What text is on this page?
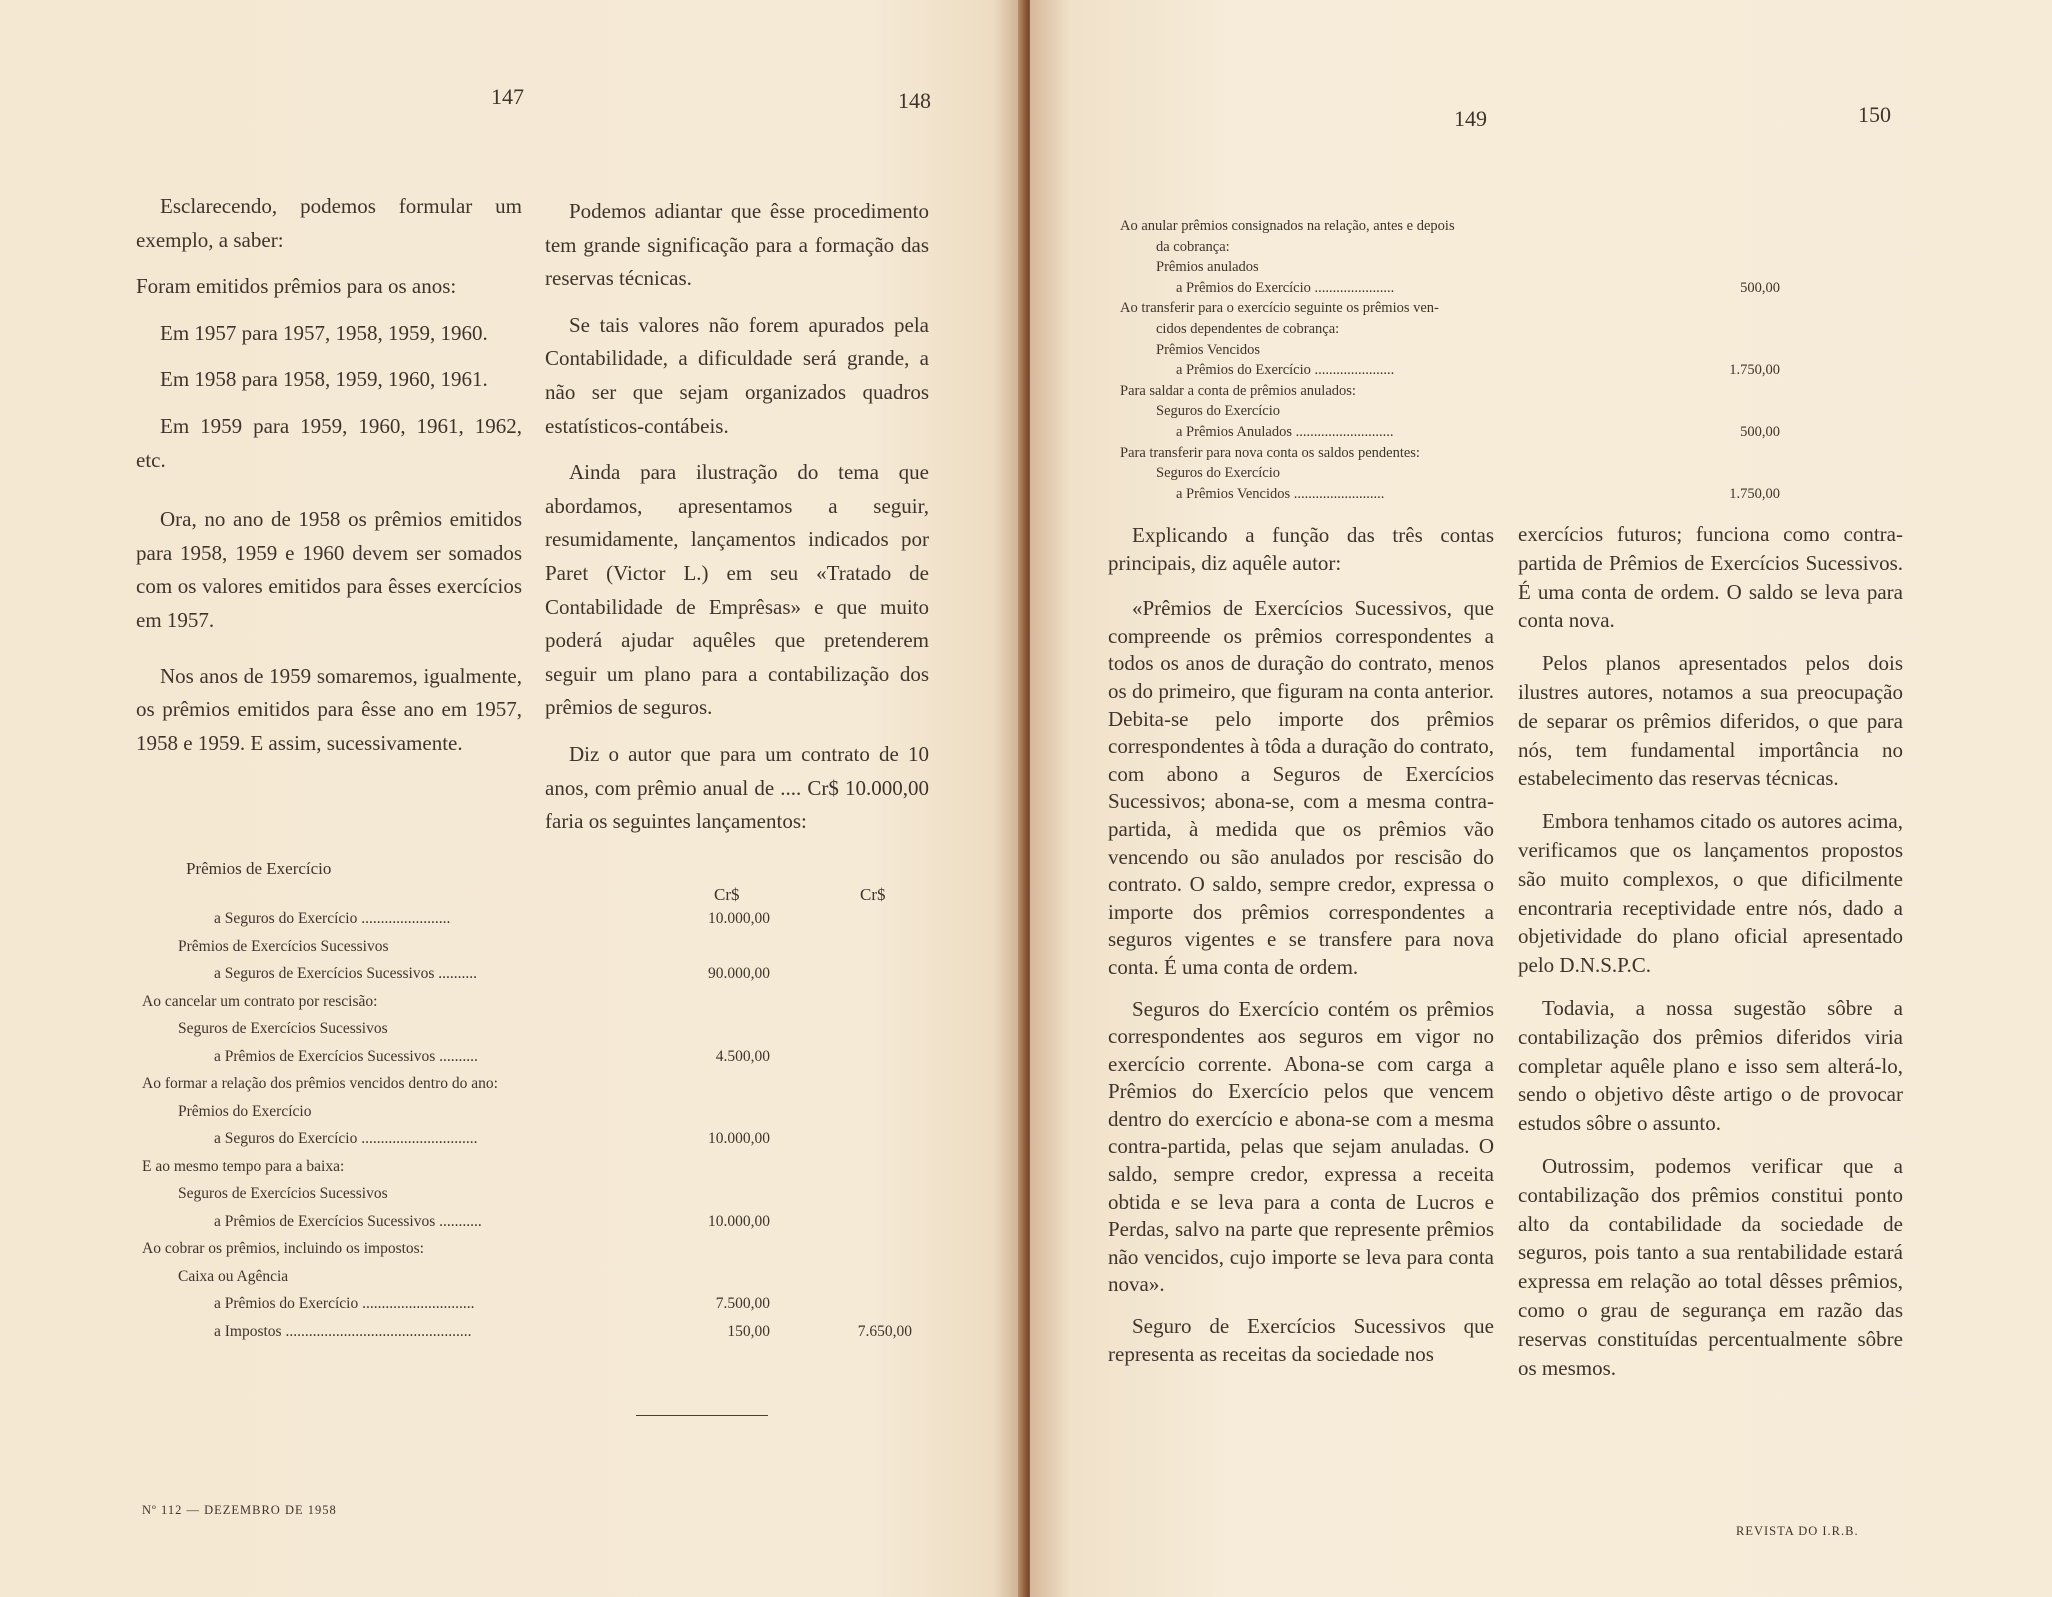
147	148

Esclarecendo, podemos formular um exemplo, a saber:

Foram emitidos prêmios para os anos:

Em 1957 para 1957, 1958, 1959, 1960.

Em 1958 para 1958, 1959, 1960, 1961.

Em 1959 para 1959, 1960, 1961, 1962, etc.

Ora, no ano de 1958 os prêmios emitidos para 1958, 1959 e 1960 devem ser somados com os valores emitidos para êsses exercícios em 1957.

Nos anos de 1959 somaremos, igualmente, os prêmios emitidos para êsse ano em 1957, 1958 e 1959. E assim, sucessivamente.

Podemos adiantar que êsse procedimento tem grande significação para a formação das reservas técnicas.

Se tais valores não forem apurados pela Contabilidade, a dificuldade será grande, a não ser que sejam organizados quadros estatísticos-contábeis.

Ainda para ilustração do tema que abordamos, apresentamos a seguir, resumidamente, lançamentos indicados por Paret (Victor L.) em seu «Tratado de Contabilidade de Emprêsas» e que muito poderá ajudar aquêles que pretenderem seguir um plano para a contabilização dos prêmios de seguros.

Diz o autor que para um contrato de 10 anos, com prêmio anual de .... Cr$ 10.000,00 faria os seguintes lançamentos:

Prêmios de Exercício
Cr$	Cr$
a Seguros do Exercício .......................	10.000,00
Prêmios de Exercícios Sucessivos
a Seguros de Exercícios Sucessivos ..........	90.000,00
Ao cancelar um contrato por rescisão:
Seguros de Exercícios Sucessivos
a Prêmios de Exercícios Sucessivos ..........	4.500,00
Ao formar a relação dos prêmios vencidos dentro do ano:
Prêmios do Exercício
a Seguros do Exercício ..............................	10.000,00
E ao mesmo tempo para a baixa:
Seguros de Exercícios Sucessivos
a Prêmios de Exercícios Sucessivos ...........	10.000,00
Ao cobrar os prêmios, incluindo os impostos:
Caixa ou Agência
a Prêmios do Exercício .............................	7.500,00
a Impostos ................................................	150,00	7.650,00
Nº 112 — DEZEMBRO DE 1958
149	150
Ao anular prêmios consignados na relação, antes e depois
da cobrança:
Prêmios anulados
a Prêmios do Exercício ......................	500,00
Ao transferir para o exercício seguinte os prêmios ven-
cidos dependentes de cobrança:
Prêmios Vencidos
a Prêmios do Exercício ......................	1.750,00
Para saldar a conta de prêmios anulados:
Seguros do Exercício
a Prêmios Anulados ...........................	500,00
Para transferir para nova conta os saldos pendentes:
Seguros do Exercício
a Prêmios Vencidos .........................	1.750,00

Explicando a função das três contas principais, diz aquêle autor:

«Prêmios de Exercícios Sucessivos, que compreende os prêmios correspondentes a todos os anos de duração do contrato, menos os do primeiro, que figuram na conta anterior. Debita-se pelo importe dos prêmios correspondentes à tôda a duração do contrato, com abono a Seguros de Exercícios Sucessivos; abona-se, com a mesma contra-partida, à medida que os prêmios vão vencendo ou são anulados por rescisão do contrato. O saldo, sempre credor, expressa o importe dos prêmios correspondentes a seguros vigentes e se transfere para nova conta. É uma conta de ordem.

Seguros do Exercício contém os prêmios correspondentes aos seguros em vigor no exercício corrente. Abona-se com carga a Prêmios do Exercício pelos que vencem dentro do exercício e abona-se com a mesma contra-partida, pelas que sejam anuladas. O saldo, sempre credor, expressa a receita obtida e se leva para a conta de Lucros e Perdas, salvo na parte que represente prêmios não vencidos, cujo importe se leva para conta nova».

Seguro de Exercícios Sucessivos que representa as receitas da sociedade nos

exercícios futuros; funciona como contra-partida de Prêmios de Exercícios Sucessivos. É uma conta de ordem. O saldo se leva para conta nova.

Pelos planos apresentados pelos dois ilustres autores, notamos a sua preocupação de separar os prêmios diferidos, o que para nós, tem fundamental importância no estabelecimento das reservas técnicas.

Embora tenhamos citado os autores acima, verificamos que os lançamentos propostos são muito complexos, o que dificilmente encontraria receptividade entre nós, dado a objetividade do plano oficial apresentado pelo D.N.S.P.C.

Todavia, a nossa sugestão sôbre a contabilização dos prêmios diferidos viria completar aquêle plano e isso sem alterá-lo, sendo o objetivo dêste artigo o de provocar estudos sôbre o assunto.

Outrossim, podemos verificar que a contabilização dos prêmios constitui ponto alto da contabilidade da sociedade de seguros, pois tanto a sua rentabilidade estará expressa em relação ao total dêsses prêmios, como o grau de segurança em razão das reservas constituídas percentualmente sôbre os mesmos.

REVISTA DO I.R.B.
